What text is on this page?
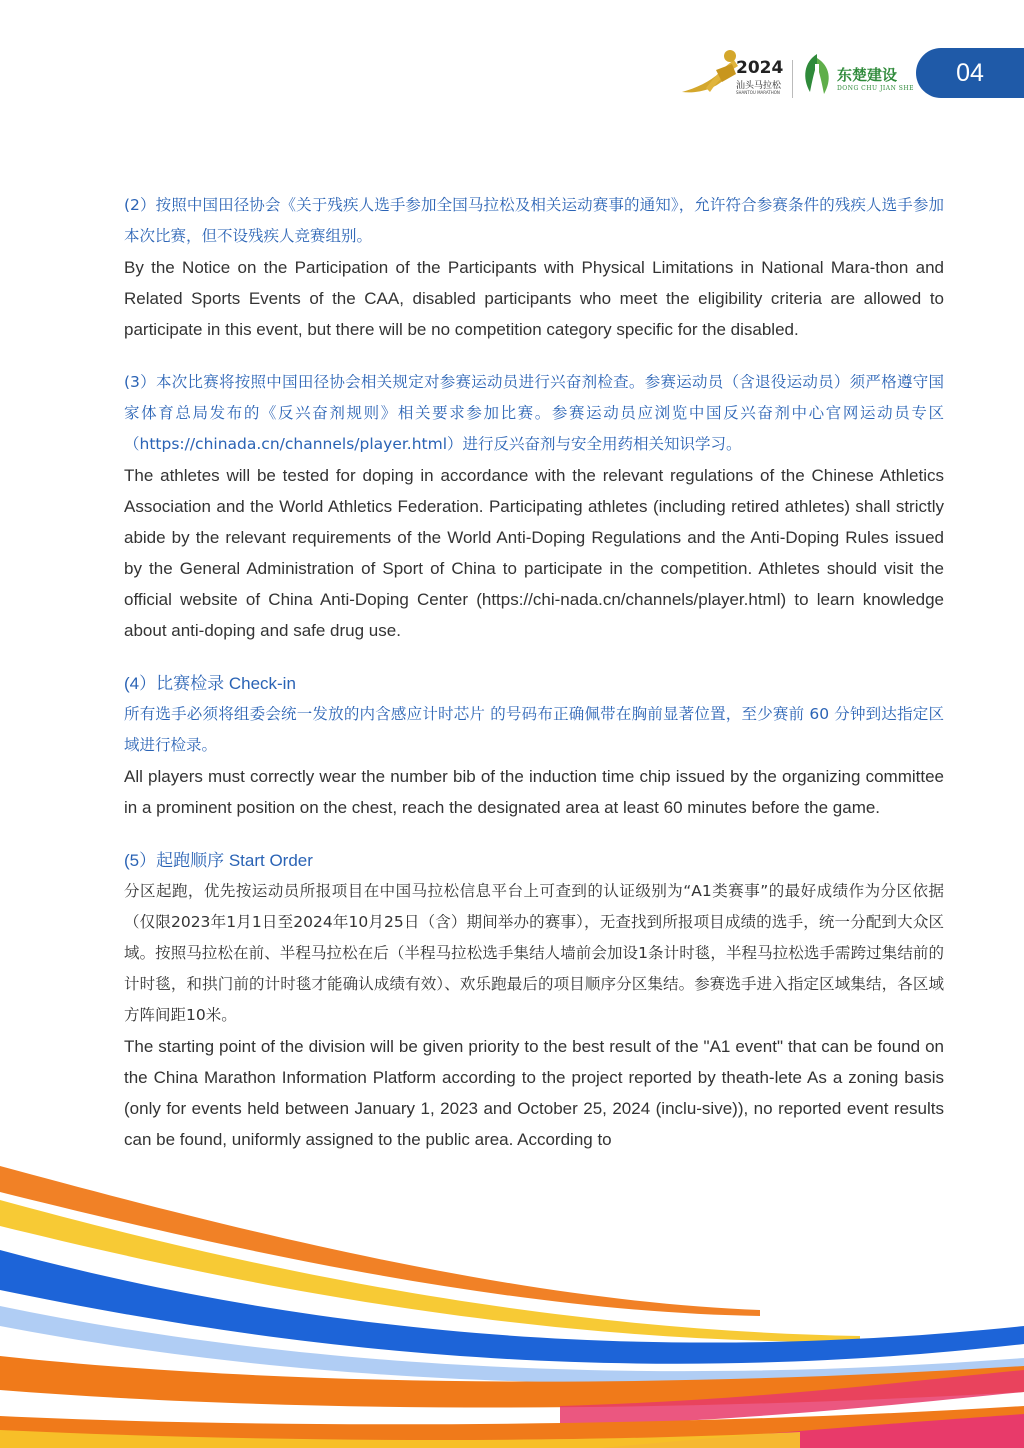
2024
汕头马拉松
SHANTOU MARATHON
东楚建设
DONG CHU JIAN SHE
04

(2）按照中国田径协会《关于残疾人选手参加全国马拉松及相关运动赛事的通知》，允许符合参赛条件的残疾人选手参加本次比赛，但不设残疾人竞赛组别。

By the Notice on the Participation of the Participants with Physical Limitations in National Mara-thon and Related Sports Events of the CAA, disabled participants who meet the eligibility criteria are allowed to participate in this event, but there will be no competition category specific for the disabled.

(3）本次比赛将按照中国田径协会相关规定对参赛运动员进行兴奋剂检查。参赛运动员（含退役运动员）须严格遵守国家体育总局发布的《反兴奋剂规则》相关要求参加比赛。参赛运动员应浏览中国反兴奋剂中心官网运动员专区（https://chinada.cn/channels/player.html）进行反兴奋剂与安全用药相关知识学习。

The athletes will be tested for doping in accordance with the relevant regulations of the Chinese Athletics Association and the World Athletics Federation. Participating athletes (including retired athletes) shall strictly abide by the relevant requirements of the World Anti-Doping Regulations and the Anti-Doping Rules issued by the General Administration of Sport of China to participate in the competition. Athletes should visit the official website of China Anti-Doping Center (https://chi-nada.cn/channels/player.html) to learn knowledge about anti-doping and safe drug use.

(4）比赛检录 Check-in

所有选手必须将组委会统一发放的内含感应计时芯片 的号码布正确佩带在胸前显著位置，至少赛前 60 分钟到达指定区域进行检录。

All players must correctly wear the number bib of the induction time chip issued by the organizing committee in a prominent position on the chest, reach the designated area at least 60 minutes before the game.

(5）起跑顺序 Start Order

分区起跑，优先按运动员所报项目在中国马拉松信息平台上可查到的认证级别为“A1类赛事”的最好成绩作为分区依据（仅限2023年1月1日至2024年10月25日（含）期间举办的赛事），无查找到所报项目成绩的选手，统一分配到大众区域。按照马拉松在前、半程马拉松在后（半程马拉松选手集结人墙前会加设1条计时毯，半程马拉松选手需跨过集结前的计时毯，和拱门前的计时毯才能确认成绩有效）、欢乐跑最后的项目顺序分区集结。参赛选手进入指定区域集结，各区域方阵间距10米。

The starting point of the division will be given priority to the best result of the "A1 event" that can be found on the China Marathon Information Platform according to the project reported by theath-lete As a zoning basis (only for events held between January 1, 2023 and October 25, 2024 (inclu-sive)), no reported event results can be found, uniformly assigned to the public area. According to
